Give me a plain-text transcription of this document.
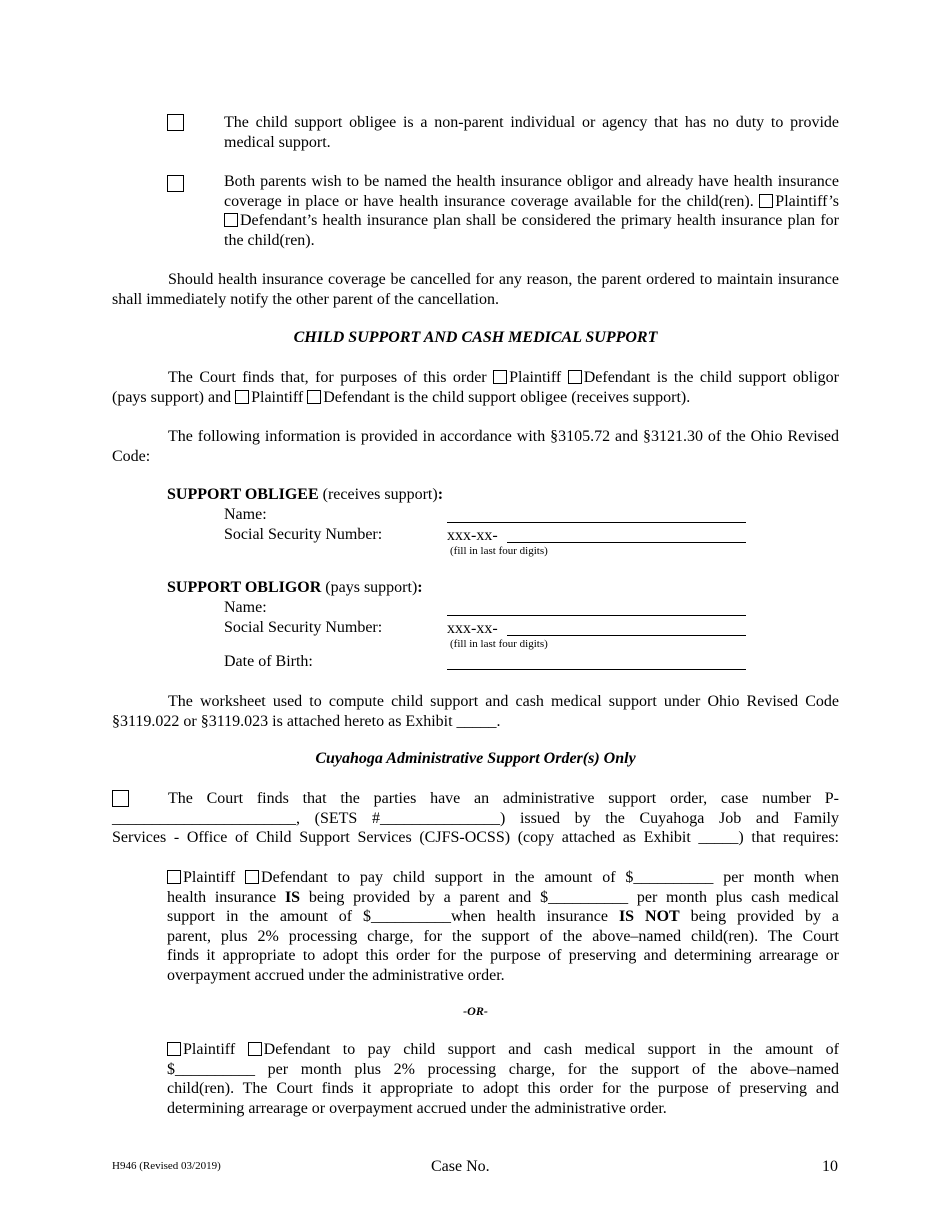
The child support obligee is a non-parent individual or agency that has no duty to provide medical support.
Both parents wish to be named the health insurance obligor and already have health insurance coverage in place or have health insurance coverage available for the child(ren). Plaintiff’s Defendant’s health insurance plan shall be considered the primary health insurance plan for the child(ren).
Should health insurance coverage be cancelled for any reason, the parent ordered to maintain insurance shall immediately notify the other parent of the cancellation.
CHILD SUPPORT AND CASH MEDICAL SUPPORT
The Court finds that, for purposes of this order Plaintiff Defendant is the child support obligor (pays support) and Plaintiff Defendant is the child support obligee (receives support).
The following information is provided in accordance with §3105.72 and §3121.30 of the Ohio Revised Code:
SUPPORT OBLIGEE (receives support):
Name:
Social Security Number:	xxx-xx-
(fill in last four digits)
SUPPORT OBLIGOR (pays support):
Name:
Social Security Number:	xxx-xx-
(fill in last four digits)
Date of Birth:
The worksheet used to compute child support and cash medical support under Ohio Revised Code
§3119.022 or §3119.023 is attached hereto as Exhibit _____.
Cuyahoga Administrative Support Order(s) Only
The Court finds that the parties have an administrative support order, case number P-
_______________________, (SETS #_______________) issued by the Cuyahoga Job and Family
Services - Office of Child Support Services (CJFS-OCSS) (copy attached as Exhibit _____) that requires:
Plaintiff Defendant to pay child support in the amount of $__________ per month when
health insurance IS being provided by a parent and $__________ per month plus cash medical
support in the amount of $__________when health insurance IS NOT being provided by a
parent, plus 2% processing charge, for the support of the above–named child(ren). The Court
finds it appropriate to adopt this order for the purpose of preserving and determining arrearage or
overpayment accrued under the administrative order.
-OR-
Plaintiff Defendant to pay child support and cash medical support in the amount of
$__________ per month plus 2% processing charge, for the support of the above–named
child(ren). The Court finds it appropriate to adopt this order for the purpose of preserving and
determining arrearage or overpayment accrued under the administrative order.
H946 (Revised 03/2019)	Case No.	10
